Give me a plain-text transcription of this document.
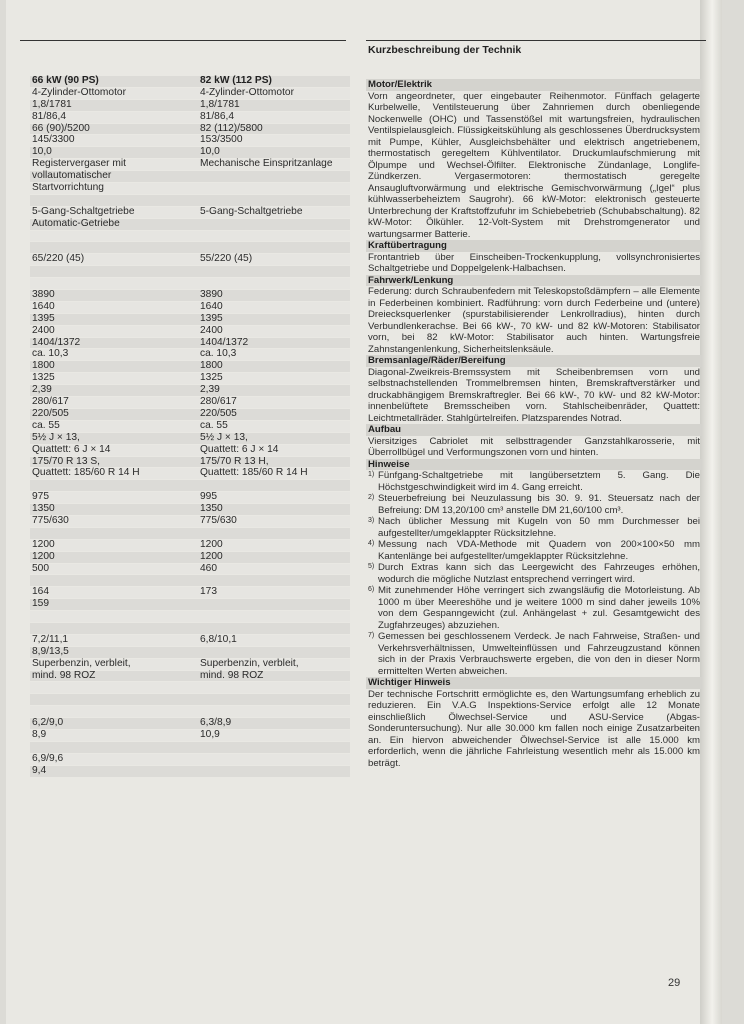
Kurzbeschreibung der Technik
66 kW (90 PS)	82 kW (112 PS)
4-Zylinder-Ottomotor	4-Zylinder-Ottomotor
1,8/1781	1,8/1781
81/86,4	81/86,4
66 (90)/5200	82 (112)/5800
145/3300	153/3500
10,0	10,0
Registervergaser mit	Mechanische Einspritzanlage
vollautomatischer
Startvorrichtung
5-Gang-Schaltgetriebe	5-Gang-Schaltgetriebe
Automatic-Getriebe
65/220 (45)	55/220 (45)
3890	3890
1640	1640
1395	1395
2400	2400
1404/1372	1404/1372
ca. 10,3	ca. 10,3
1800	1800
1325	1325
2,39	2,39
280/617	280/617
220/505	220/505
ca. 55	ca. 55
5½ J × 13,	5½ J × 13,
Quattett: 6 J × 14	Quattett: 6 J × 14
175/70 R 13 S,	175/70 R 13 H,
Quattett: 185/60 R 14 H	Quattett: 185/60 R 14 H
975	995
1350	1350
775/630	775/630
1200	1200
1200	1200
500	460
164	173
159
7,2/11,1	6,8/10,1
8,9/13,5
Superbenzin, verbleit,	Superbenzin, verbleit,
mind. 98 ROZ	mind. 98 ROZ
6,2/9,0	6,3/8,9
8,9	10,9
6,9/9,6
9,4
Motor/Elektrik

Vorn angeordneter, quer eingebauter Reihenmotor. Fünffach gelagerte Kurbelwelle, Ventilsteuerung über Zahnriemen durch obenliegende Nockenwelle (OHC) und Tassenstößel mit wartungsfreien, hydraulischen Ventilspielausgleich. Flüssigkeitskühlung als geschlossenes Überdrucksystem mit Pumpe, Kühler, Ausgleichsbehälter und elektrisch angetriebenem, thermostatisch geregeltem Kühlventilator. Druckumlaufschmierung mit Ölpumpe und Wechsel-Ölfilter. Elektronische Zündanlage, Longlife-Zündkerzen. Vergasermotoren: thermostatisch geregelte Ansaugluftvorwärmung und elektrische Gemischvorwärmung („Igel“ plus kühlwasserbeheiztem Saugrohr). 66 kW-Motor: elektronisch gesteuerte Unterbrechung der Kraftstoffzufuhr im Schiebebetrieb (Schubabschaltung). 82 kW-Motor: Ölkühler. 12-Volt-System mit Drehstromgenerator und wartungsarmer Batterie.

Kraftübertragung

Frontantrieb über Einscheiben-Trockenkupplung, vollsynchronisiertes Schaltgetriebe und Doppelgelenk-Halbachsen.

Fahrwerk/Lenkung

Federung: durch Schraubenfedern mit Teleskopstoßdämpfern – alle Elemente in Federbeinen kombiniert. Radführung: vorn durch Federbeine und (untere) Dreiecksquerlenker (spurstabilisierender Lenkrollradius), hinten durch Verbundlenkerachse. Bei 66 kW-, 70 kW- und 82 kW-Motoren: Stabilisator vorn, bei 82 kW-Motor: Stabilisator auch hinten. Wartungsfreie Zahnstangenlenkung, Sicherheitslenksäule.

Bremsanlage/Räder/Bereifung

Diagonal-Zweikreis-Bremssystem mit Scheibenbremsen vorn und selbstnachstellenden Trommelbremsen hinten, Bremskraftverstärker und druckabhängigem Bremskraftregler. Bei 66 kW-, 70 kW- und 82 kW-Motor: innenbelüftete Bremsscheiben vorn. Stahlscheibenräder, Quattett: Leichtmetallräder. Stahlgürtelreifen. Platzsparendes Notrad.

Aufbau

Viersitziges Cabriolet mit selbsttragender Ganzstahlkarosserie, mit Überrollbügel und Verformungszonen vorn und hinten.

Hinweise

1) Fünfgang-Schaltgetriebe mit langübersetztem 5. Gang. Die Höchstgeschwindigkeit wird im 4. Gang erreicht.

2) Steuerbefreiung bei Neuzulassung bis 30. 9. 91. Steuersatz nach der Befreiung: DM 13,20/100 cm³ anstelle DM 21,60/100 cm³.

3) Nach üblicher Messung mit Kugeln von 50 mm Durchmesser bei aufgestellter/umgeklappter Rücksitzlehne.

4) Messung nach VDA-Methode mit Quadern von 200×100×50 mm Kantenlänge bei aufgestellter/umgeklappter Rücksitzlehne.

5) Durch Extras kann sich das Leergewicht des Fahrzeuges erhöhen, wodurch die mögliche Nutzlast entsprechend verringert wird.

6) Mit zunehmender Höhe verringert sich zwangsläufig die Motorleistung. Ab 1000 m über Meereshöhe und je weitere 1000 m sind daher jeweils 10% von dem Gespanngewicht (zul. Anhängelast + zul. Gesamtgewicht des Zugfahrzeuges) abzuziehen.

7) Gemessen bei geschlossenem Verdeck. Je nach Fahrweise, Straßen- und Verkehrsverhältnissen, Umwelteinflüssen und Fahrzeugzustand können sich in der Praxis Verbrauchswerte ergeben, die von den in dieser Norm ermittelten Werten abweichen.

Wichtiger Hinweis

Der technische Fortschritt ermöglichte es, den Wartungsumfang erheblich zu reduzieren. Ein V.A.G Inspektions-Service erfolgt alle 12 Monate einschließlich Ölwechsel-Service und ASU-Service (Abgas-Sonderuntersuchung). Nur alle 30.000 km fallen noch einige Zusatzarbeiten an. Ein hiervon abweichender Ölwechsel-Service ist alle 15.000 km erforderlich, wenn die jährliche Fahrleistung wesentlich mehr als 15.000 km beträgt.

29
